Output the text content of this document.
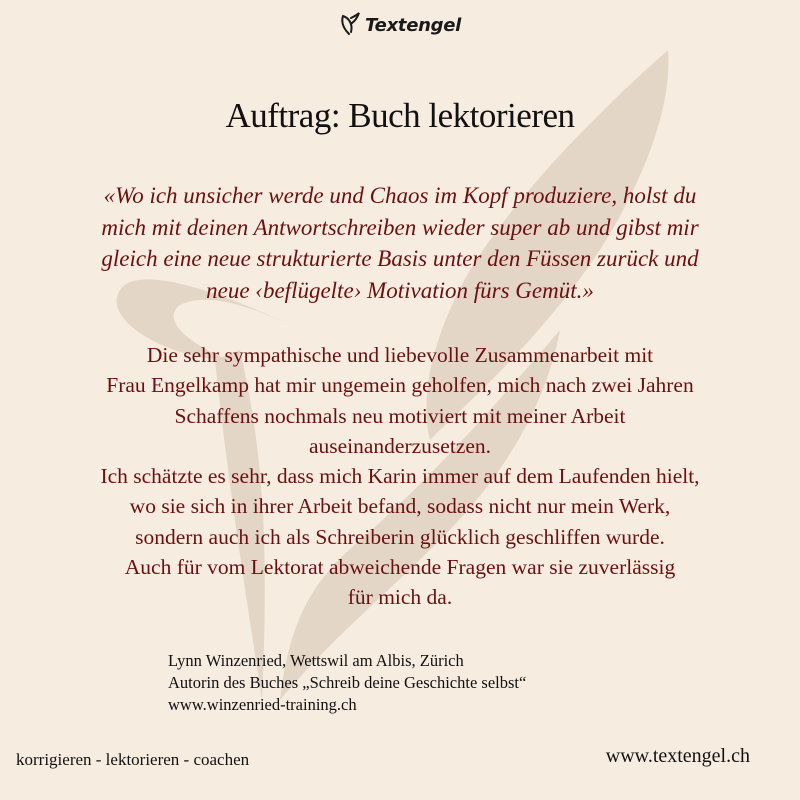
Textengel
Auftrag: Buch lektorieren
«Wo ich unsicher werde und Chaos im Kopf produziere, holst du
mich mit deinen Antwortschreiben wieder super ab und gibst mir
gleich eine neue strukturierte Basis unter den Füssen zurück und
neue ‹beflügelte› Motivation fürs Gemüt.»
Die sehr sympathische und liebevolle Zusammenarbeit mit
Frau Engelkamp hat mir ungemein geholfen, mich nach zwei Jahren
Schaffens nochmals neu motiviert mit meiner Arbeit
auseinanderzusetzen.
Ich schätzte es sehr, dass mich Karin immer auf dem Laufenden hielt,
wo sie sich in ihrer Arbeit befand, sodass nicht nur mein Werk,
sondern auch ich als Schreiberin glücklich geschliffen wurde.
Auch für vom Lektorat abweichende Fragen war sie zuverlässig
für mich da.
Lynn Winzenried, Wettswil am Albis, Zürich
Autorin des Buches „Schreib deine Geschichte selbst“
www.winzenried-training.ch
korrigieren - lektorieren - coachen	www.textengel.ch
